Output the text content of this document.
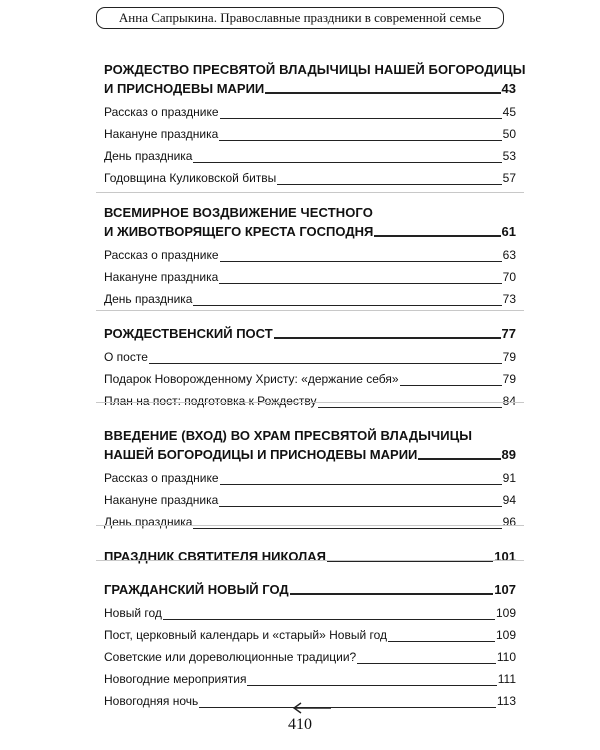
Анна Сапрыкина. Православные праздники в современной семье
РОЖДЕСТВО ПРЕСВЯТОЙ ВЛАДЫЧИЦЫ НАШЕЙ БОГОРОДИЦЫ
И ПРИСНОДЕВЫ МАРИИ	43
Рассказ о празднике	45
Накануне праздника	50
День праздника	53
Годовщина Куликовской битвы	57
ВСЕМИРНОЕ ВОЗДВИЖЕНИЕ ЧЕСТНОГО
И ЖИВОТВОРЯЩЕГО КРЕСТА ГОСПОДНЯ	61
Рассказ о празднике	63
Накануне праздника	70
День праздника	73
РОЖДЕСТВЕНСКИЙ ПОСТ	77
О посте	79
Подарок Новорожденному Христу: «держание себя»	79
План на пост: подготовка к Рождеству	84
ВВЕДЕНИЕ (ВХОД) ВО ХРАМ ПРЕСВЯТОЙ ВЛАДЫЧИЦЫ
НАШЕЙ БОГОРОДИЦЫ И ПРИСНОДЕВЫ МАРИИ	89
Рассказ о празднике	91
Накануне праздника	94
День праздника	96
ПРАЗДНИК СВЯТИТЕЛЯ НИКОЛАЯ	101
ГРАЖДАНСКИЙ НОВЫЙ ГОД	107
Новый год	109
Пост, церковный календарь и «старый» Новый год	109
Советские или дореволюционные традиции?	110
Новогодние мероприятия	111
Новогодняя ночь	113
410
